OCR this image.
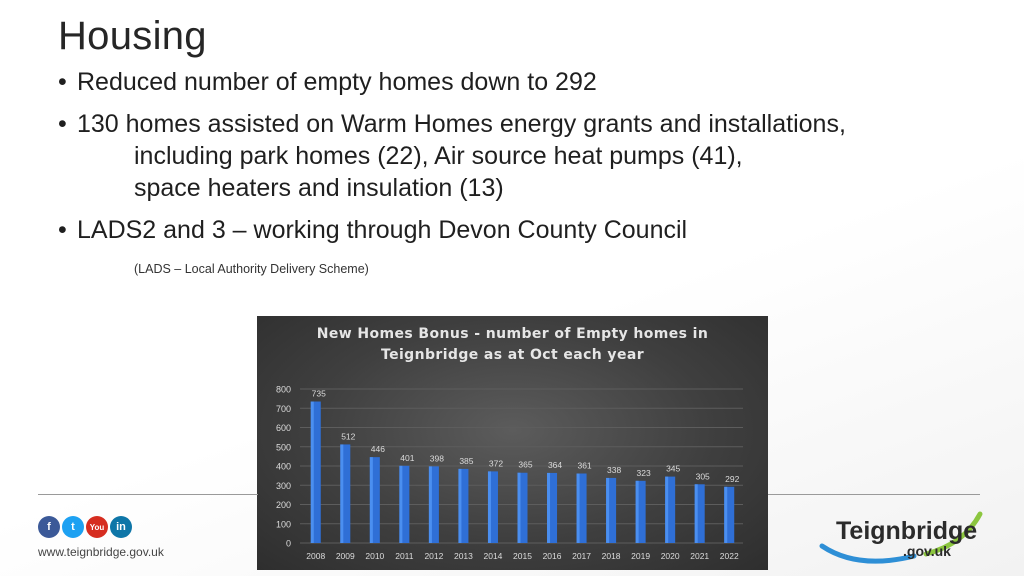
Housing
• Reduced number of empty homes down to 292
• 130 homes assisted on Warm Homes energy grants and installations,
including park homes (22), Air source heat pumps (41),
space heaters and insulation (13)
• LADS2 and 3 – working through Devon County Council
(LADS – Local Authority Delivery Scheme)
New Homes Bonus - number of Empty homes in
Teignbridge as at Oct each year
0
100
200
300
400
500
600
700
800 735
2008
512
2009
446
2010
401
2011
398
2012
385
2013
372
2014
365
2015
364
2016
361
2017
338
2018
323
2019
345
2020
305
2021
292
2022
f	t	You	in
www.teignbridge.gov.uk
Teignbridge
.gov.uk
